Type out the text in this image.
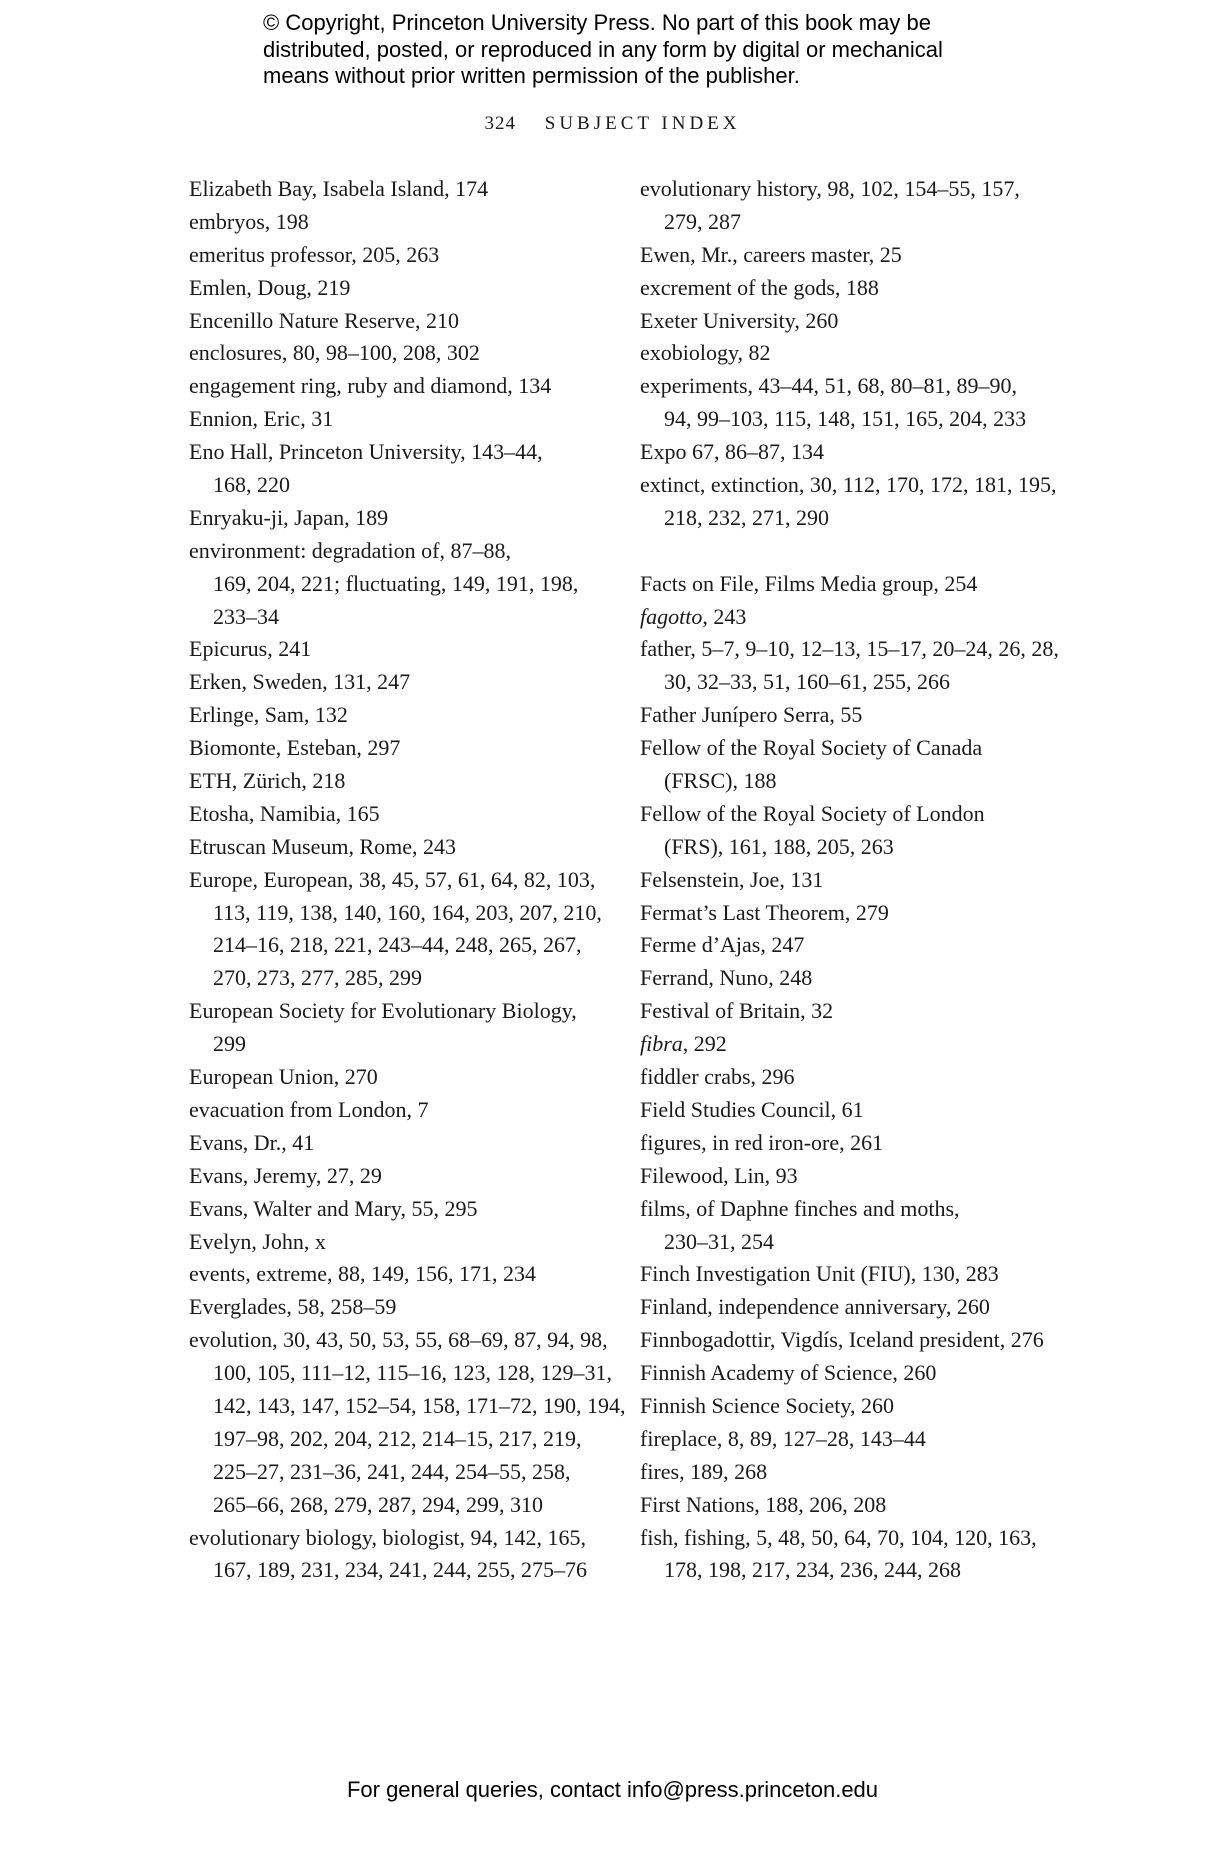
© Copyright, Princeton University Press. No part of this book may be
distributed, posted, or reproduced in any form by digital or mechanical
means without prior written permission of the publisher.
324 SUBJECT INDEX
Elizabeth Bay, Isabela Island, 174
embryos, 198
emeritus professor, 205, 263
Emlen, Doug, 219
Encenillo Nature Reserve, 210
enclosures, 80, 98–100, 208, 302
engagement ring, ruby and diamond, 134
Ennion, Eric, 31
Eno Hall, Princeton University, 143–44,
168, 220
Enryaku-ji, Japan, 189
environment: degradation of, 87–88,
169, 204, 221; fluctuating, 149, 191, 198,
233–34
Epicurus, 241
Erken, Sweden, 131, 247
Erlinge, Sam, 132
Biomonte, Esteban, 297
ETH, Zürich, 218
Etosha, Namibia, 165
Etruscan Museum, Rome, 243
Europe, European, 38, 45, 57, 61, 64, 82, 103,
113, 119, 138, 140, 160, 164, 203, 207, 210,
214–16, 218, 221, 243–44, 248, 265, 267,
270, 273, 277, 285, 299
European Society for Evolutionary Biology,
299
European Union, 270
evacuation from London, 7
Evans, Dr., 41
Evans, Jeremy, 27, 29
Evans, Walter and Mary, 55, 295
Evelyn, John, x
events, extreme, 88, 149, 156, 171, 234
Everglades, 58, 258–59
evolution, 30, 43, 50, 53, 55, 68–69, 87, 94, 98,
100, 105, 111–12, 115–16, 123, 128, 129–31,
142, 143, 147, 152–54, 158, 171–72, 190, 194,
197–98, 202, 204, 212, 214–15, 217, 219,
225–27, 231–36, 241, 244, 254–55, 258,
265–66, 268, 279, 287, 294, 299, 310
evolutionary biology, biologist, 94, 142, 165,
167, 189, 231, 234, 241, 244, 255, 275–76
evolutionary history, 98, 102, 154–55, 157,
279, 287
Ewen, Mr., careers master, 25
excrement of the gods, 188
Exeter University, 260
exobiology, 82
experiments, 43–44, 51, 68, 80–81, 89–90,
94, 99–103, 115, 148, 151, 165, 204, 233
Expo 67, 86–87, 134
extinct, extinction, 30, 112, 170, 172, 181, 195,
218, 232, 271, 290
Facts on File, Films Media group, 254
fagotto, 243
father, 5–7, 9–10, 12–13, 15–17, 20–24, 26, 28,
30, 32–33, 51, 160–61, 255, 266
Father Junípero Serra, 55
Fellow of the Royal Society of Canada
(FRSC), 188
Fellow of the Royal Society of London
(FRS), 161, 188, 205, 263
Felsenstein, Joe, 131
Fermat’s Last Theorem, 279
Ferme d’Ajas, 247
Ferrand, Nuno, 248
Festival of Britain, 32
fibra, 292
fiddler crabs, 296
Field Studies Council, 61
figures, in red iron-ore, 261
Filewood, Lin, 93
films, of Daphne finches and moths,
230–31, 254
Finch Investigation Unit (FIU), 130, 283
Finland, independence anniversary, 260
Finnbogadottir, Vigdís, Iceland president, 276
Finnish Academy of Science, 260
Finnish Science Society, 260
fireplace, 8, 89, 127–28, 143–44
fires, 189, 268
First Nations, 188, 206, 208
fish, fishing, 5, 48, 50, 64, 70, 104, 120, 163,
178, 198, 217, 234, 236, 244, 268
For general queries, contact info@press.princeton.edu
